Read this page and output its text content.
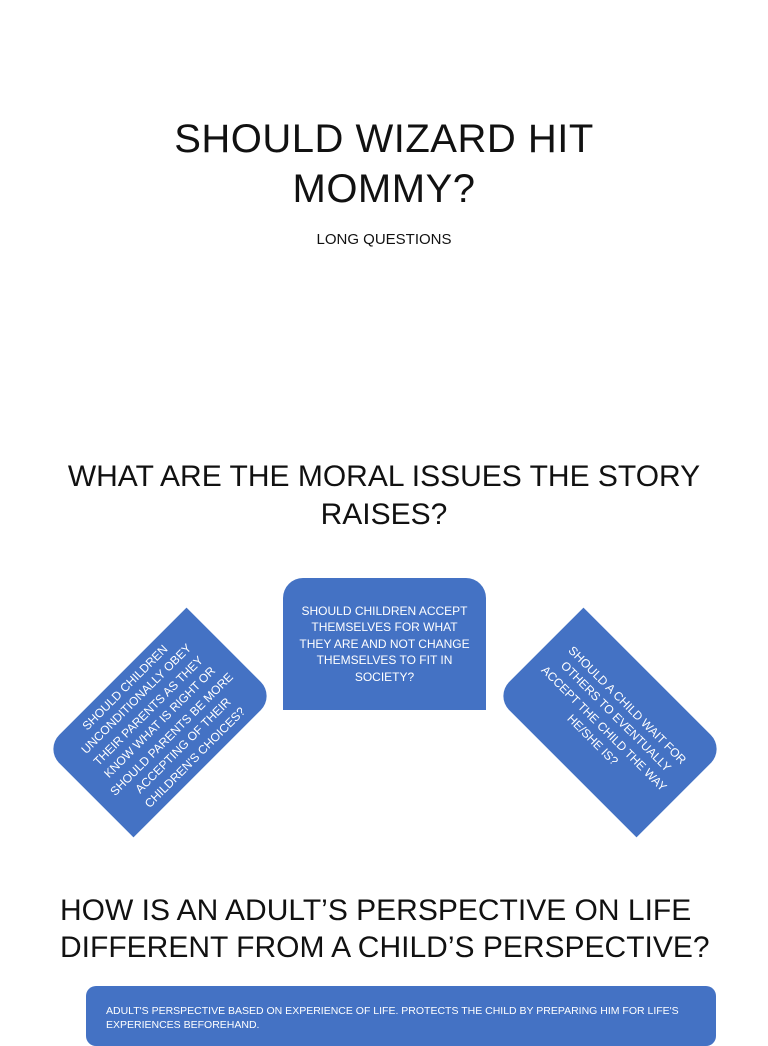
SHOULD WIZARD HIT
MOMMY?
LONG QUESTIONS
WHAT ARE THE MORAL ISSUES THE STORY
RAISES?
SHOULD CHILDREN UNCONDITIONALLY OBEY THEIR PARENTS AS THEY KNOW WHAT IS RIGHT OR SHOULD PARENTS BE MORE ACCEPTING OF THEIR CHILDREN'S CHOICES?
SHOULD CHILDREN ACCEPT THEMSELVES FOR WHAT THEY ARE AND NOT CHANGE THEMSELVES TO FIT IN SOCIETY?	SHOULD A CHILD WAIT FOR OTHERS TO EVENTUALLY ACCEPT THE CHILD THE WAY HE/SHE IS?
HOW IS AN ADULT’S PERSPECTIVE ON LIFE
DIFFERENT FROM A CHILD’S PERSPECTIVE?
ADULT'S PERSPECTIVE BASED ON EXPERIENCE OF LIFE. PROTECTS THE CHILD BY PREPARING HIM FOR LIFE'S EXPERIENCES BEFOREHAND.
